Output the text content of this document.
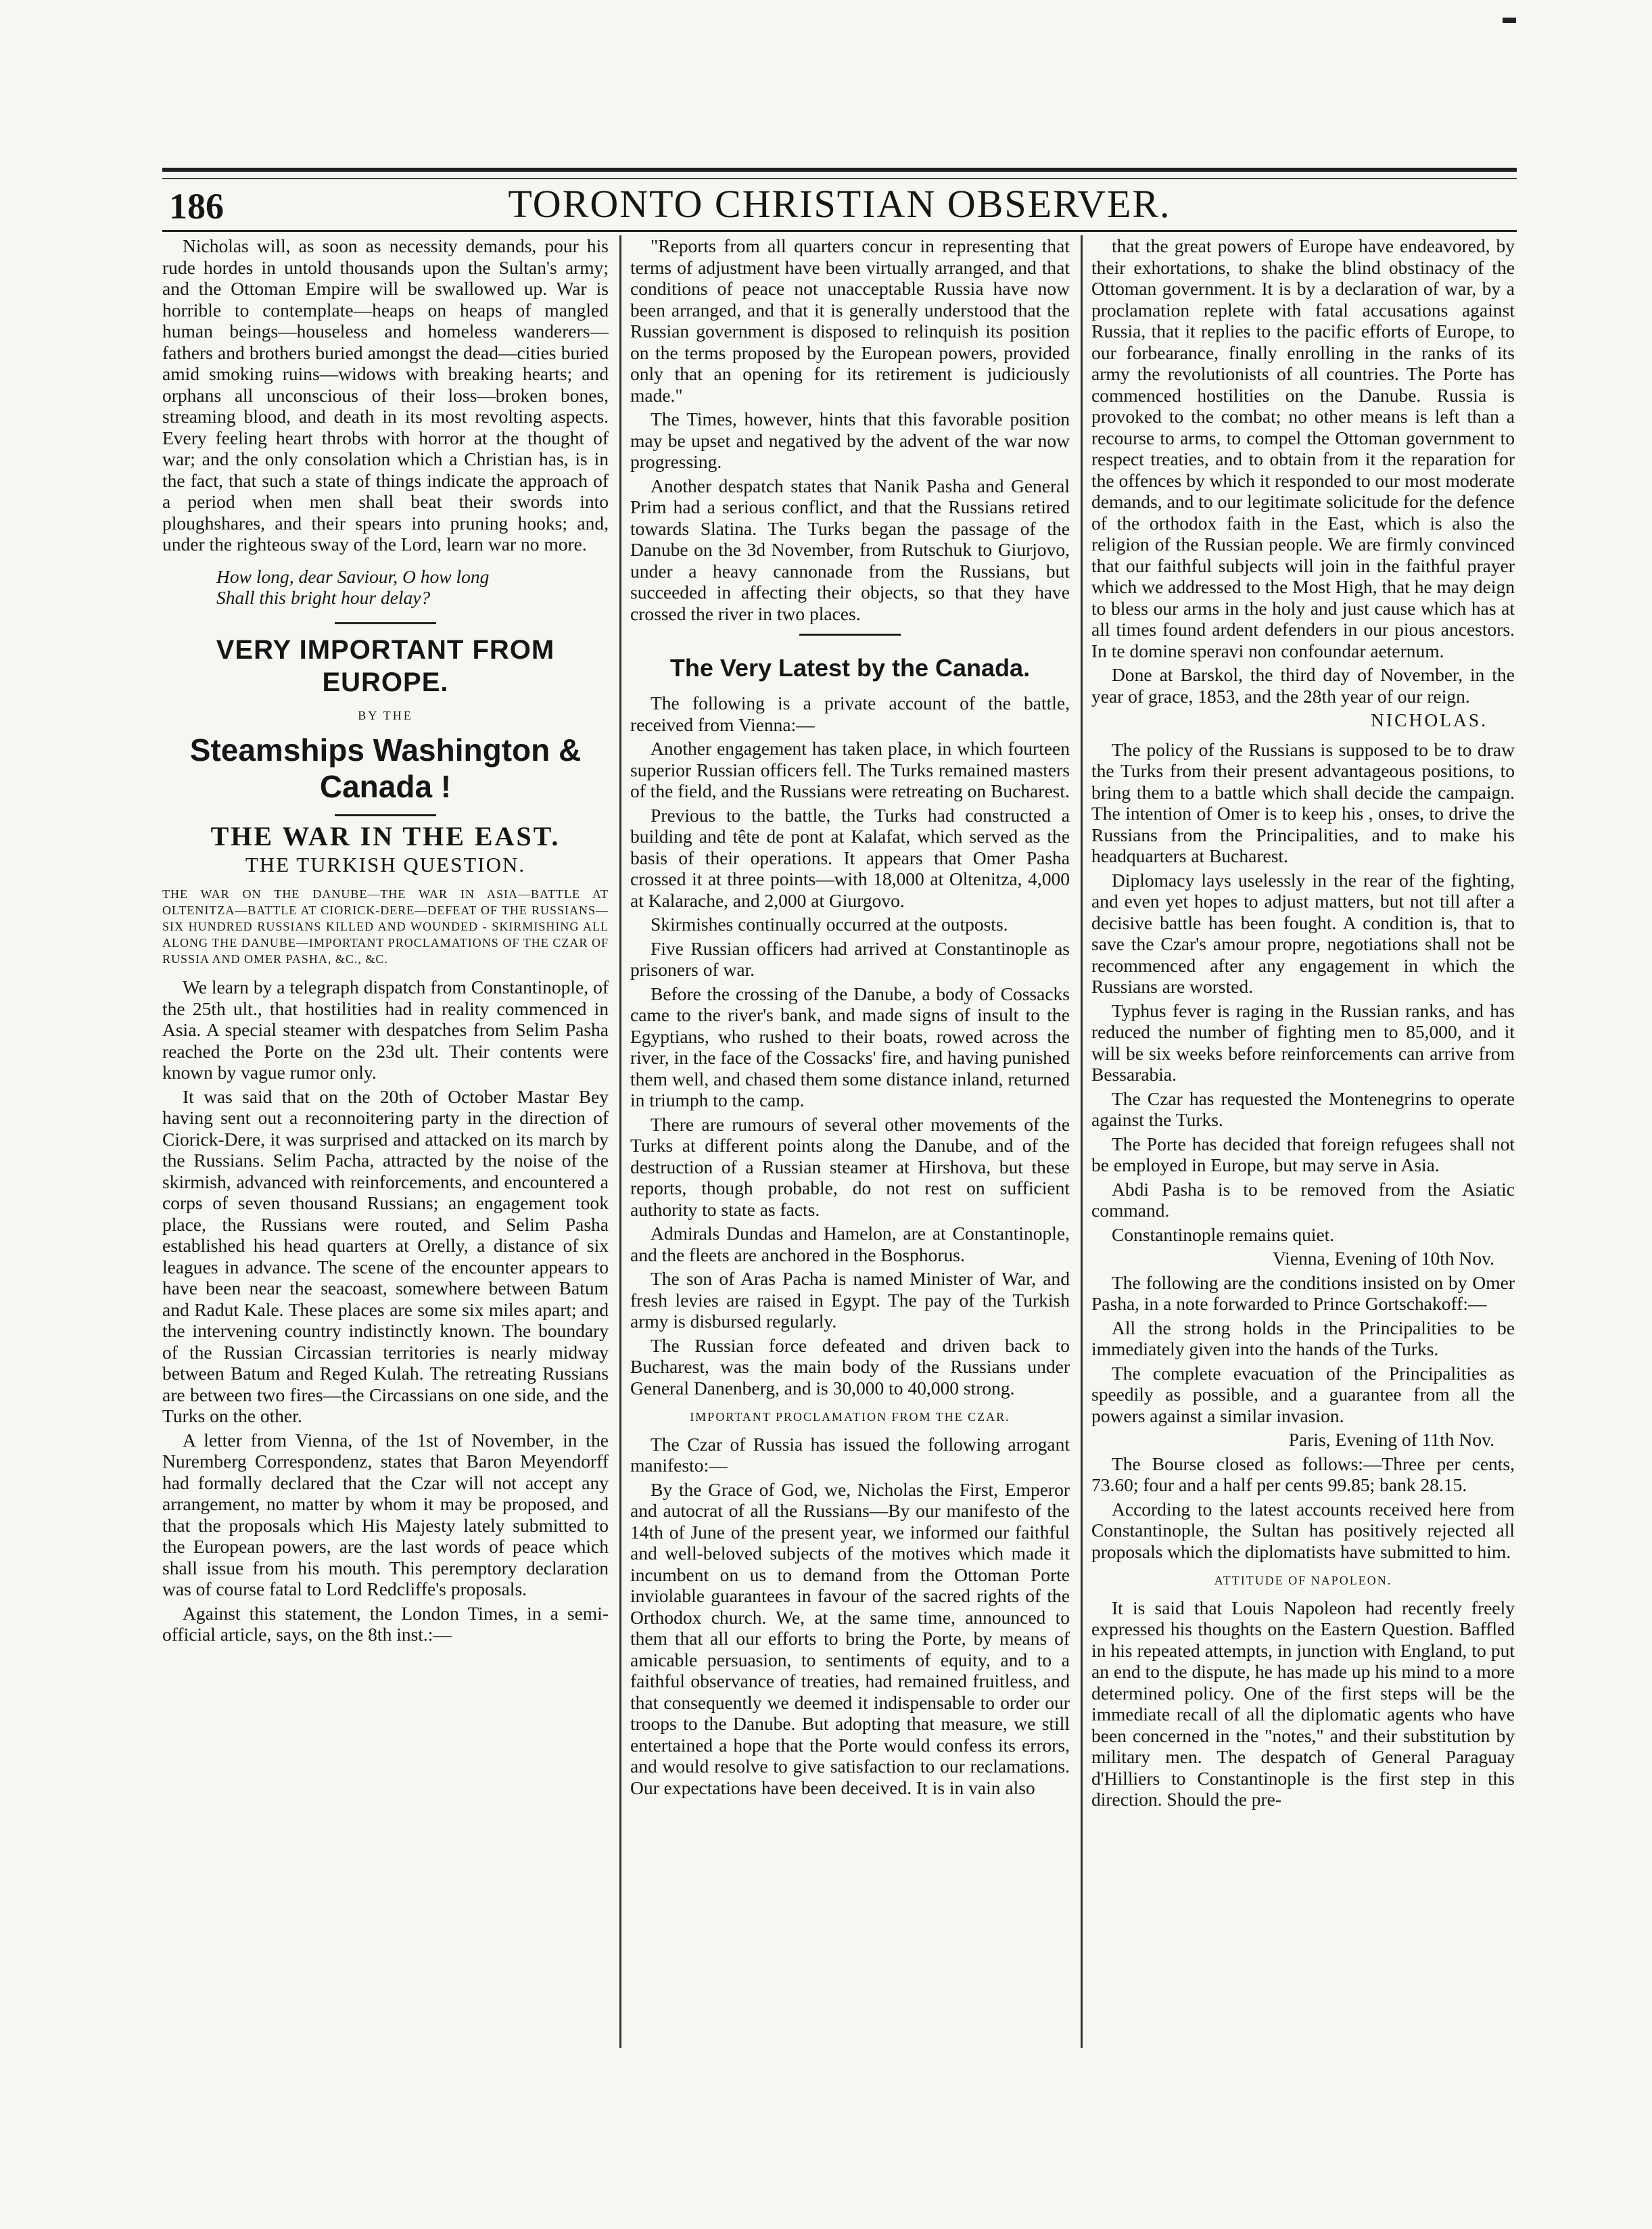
186	TORONTO CHRISTIAN OBSERVER.

Nicholas will, as soon as necessity demands, pour his rude hordes in untold thousands upon the Sultan's army; and the Ottoman Empire will be swallowed up. War is horrible to contemplate—heaps on heaps of mangled human beings—houseless and homeless wanderers—fathers and brothers buried amongst the dead—cities buried amid smoking ruins—widows with breaking hearts; and orphans all unconscious of their loss—broken bones, streaming blood, and death in its most revolting aspects. Every feeling heart throbs with horror at the thought of war; and the only consolation which a Christian has, is in the fact, that such a state of things indicate the approach of a period when men shall beat their swords into ploughshares, and their spears into pruning hooks; and, under the righteous sway of the Lord, learn war no more.

How long, dear Saviour, O how long
Shall this bright hour delay?

VERY IMPORTANT FROM EUROPE.
BY THE
Steamships Washington & Canada !
THE WAR IN THE EAST.
THE TURKISH QUESTION.

THE WAR ON THE DANUBE—THE WAR IN ASIA—BATTLE AT OLTENITZA—BATTLE AT CIORICK-DERE—DEFEAT OF THE RUSSIANS—SIX HUNDRED RUSSIANS KILLED AND WOUNDED - SKIRMISHING ALL ALONG THE DANUBE—IMPORTANT PROCLAMATIONS OF THE CZAR OF RUSSIA AND OMER PASHA, &C., &C.

We learn by a telegraph dispatch from Constantinople, of the 25th ult., that hostilities had in reality commenced in Asia. A special steamer with despatches from Selim Pasha reached the Porte on the 23d ult. Their contents were known by vague rumor only.

It was said that on the 20th of October Mastar Bey having sent out a reconnoitering party in the direction of Ciorick-Dere, it was surprised and attacked on its march by the Russians. Selim Pacha, attracted by the noise of the skirmish, advanced with reinforcements, and encountered a corps of seven thousand Russians; an engagement took place, the Russians were routed, and Selim Pasha established his head quarters at Orelly, a distance of six leagues in advance. The scene of the encounter appears to have been near the seacoast, somewhere between Batum and Radut Kale. These places are some six miles apart; and the intervening country indistinctly known. The boundary of the Russian Circassian territories is nearly midway between Batum and Reged Kulah. The retreating Russians are between two fires—the Circassians on one side, and the Turks on the other.

A letter from Vienna, of the 1st of November, in the Nuremberg Correspondenz, states that Baron Meyendorff had formally declared that the Czar will not accept any arrangement, no matter by whom it may be proposed, and that the proposals which His Majesty lately submitted to the European powers, are the last words of peace which shall issue from his mouth. This peremptory declaration was of course fatal to Lord Redcliffe's proposals.

Against this statement, the London Times, in a semi-official article, says, on the 8th inst.:—

"Reports from all quarters concur in representing that terms of adjustment have been virtually arranged, and that conditions of peace not unacceptable Russia have now been arranged, and that it is generally understood that the Russian government is disposed to relinquish its position on the terms proposed by the European powers, provided only that an opening for its retirement is judiciously made."

The Times, however, hints that this favorable position may be upset and negatived by the advent of the war now progressing.

Another despatch states that Nanik Pasha and General Prim had a serious conflict, and that the Russians retired towards Slatina. The Turks began the passage of the Danube on the 3d November, from Rutschuk to Giurjovo, under a heavy cannonade from the Russians, but succeeded in affecting their objects, so that they have crossed the river in two places.

The Very Latest by the Canada.

The following is a private account of the battle, received from Vienna:—

Another engagement has taken place, in which fourteen superior Russian officers fell. The Turks remained masters of the field, and the Russians were retreating on Bucharest.

Previous to the battle, the Turks had constructed a building and tête de pont at Kalafat, which served as the basis of their operations. It appears that Omer Pasha crossed it at three points—with 18,000 at Oltenitza, 4,000 at Kalarache, and 2,000 at Giurgovo.

Skirmishes continually occurred at the outposts.

Five Russian officers had arrived at Constantinople as prisoners of war.

Before the crossing of the Danube, a body of Cossacks came to the river's bank, and made signs of insult to the Egyptians, who rushed to their boats, rowed across the river, in the face of the Cossacks' fire, and having punished them well, and chased them some distance inland, returned in triumph to the camp.

There are rumours of several other movements of the Turks at different points along the Danube, and of the destruction of a Russian steamer at Hirshova, but these reports, though probable, do not rest on sufficient authority to state as facts.

Admirals Dundas and Hamelon, are at Constantinople, and the fleets are anchored in the Bosphorus.

The son of Aras Pacha is named Minister of War, and fresh levies are raised in Egypt. The pay of the Turkish army is disbursed regularly.

The Russian force defeated and driven back to Bucharest, was the main body of the Russians under General Danenberg, and is 30,000 to 40,000 strong.

IMPORTANT PROCLAMATION FROM THE CZAR.

The Czar of Russia has issued the following arrogant manifesto:—

By the Grace of God, we, Nicholas the First, Emperor and autocrat of all the Russians—By our manifesto of the 14th of June of the present year, we informed our faithful and well-beloved subjects of the motives which made it incumbent on us to demand from the Ottoman Porte inviolable guarantees in favour of the sacred rights of the Orthodox church. We, at the same time, announced to them that all our efforts to bring the Porte, by means of amicable persuasion, to sentiments of equity, and to a faithful observance of treaties, had remained fruitless, and that consequently we deemed it indispensable to order our troops to the Danube. But adopting that measure, we still entertained a hope that the Porte would confess its errors, and would resolve to give satisfaction to our reclamations. Our expectations have been deceived. It is in vain also

that the great powers of Europe have endeavored, by their exhortations, to shake the blind obstinacy of the Ottoman government. It is by a declaration of war, by a proclamation replete with fatal accusations against Russia, that it replies to the pacific efforts of Europe, to our forbearance, finally enrolling in the ranks of its army the revolutionists of all countries. The Porte has commenced hostilities on the Danube. Russia is provoked to the combat; no other means is left than a recourse to arms, to compel the Ottoman government to respect treaties, and to obtain from it the reparation for the offences by which it responded to our most moderate demands, and to our legitimate solicitude for the defence of the orthodox faith in the East, which is also the religion of the Russian people. We are firmly convinced that our faithful subjects will join in the faithful prayer which we addressed to the Most High, that he may deign to bless our arms in the holy and just cause which has at all times found ardent defenders in our pious ancestors. In te domine speravi non confoundar aeternum.

Done at Barskol, the third day of November, in the year of grace, 1853, and the 28th year of our reign.

NICHOLAS.

The policy of the Russians is supposed to be to draw the Turks from their present advantageous positions, to bring them to a battle which shall decide the campaign. The intention of Omer is to keep his , onses, to drive the Russians from the Principalities, and to make his headquarters at Bucharest.

Diplomacy lays uselessly in the rear of the fighting, and even yet hopes to adjust matters, but not till after a decisive battle has been fought. A condition is, that to save the Czar's amour propre, negotiations shall not be recommenced after any engagement in which the Russians are worsted.

Typhus fever is raging in the Russian ranks, and has reduced the number of fighting men to 85,000, and it will be six weeks before reinforcements can arrive from Bessarabia.

The Czar has requested the Montenegrins to operate against the Turks.

The Porte has decided that foreign refugees shall not be employed in Europe, but may serve in Asia.

Abdi Pasha is to be removed from the Asiatic command.

Constantinople remains quiet.

Vienna, Evening of 10th Nov.

The following are the conditions insisted on by Omer Pasha, in a note forwarded to Prince Gortschakoff:—

All the strong holds in the Principalities to be immediately given into the hands of the Turks.

The complete evacuation of the Principalities as speedily as possible, and a guarantee from all the powers against a similar invasion.

Paris, Evening of 11th Nov.

The Bourse closed as follows:—Three per cents, 73.60; four and a half per cents 99.85; bank 28.15.

According to the latest accounts received here from Constantinople, the Sultan has positively rejected all proposals which the diplomatists have submitted to him.

ATTITUDE OF NAPOLEON.

It is said that Louis Napoleon had recently freely expressed his thoughts on the Eastern Question. Baffled in his repeated attempts, in junction with England, to put an end to the dispute, he has made up his mind to a more determined policy. One of the first steps will be the immediate recall of all the diplomatic agents who have been concerned in the "notes," and their substitution by military men. The despatch of General Paraguay d'Hilliers to Constantinople is the first step in this direction. Should the pre-
